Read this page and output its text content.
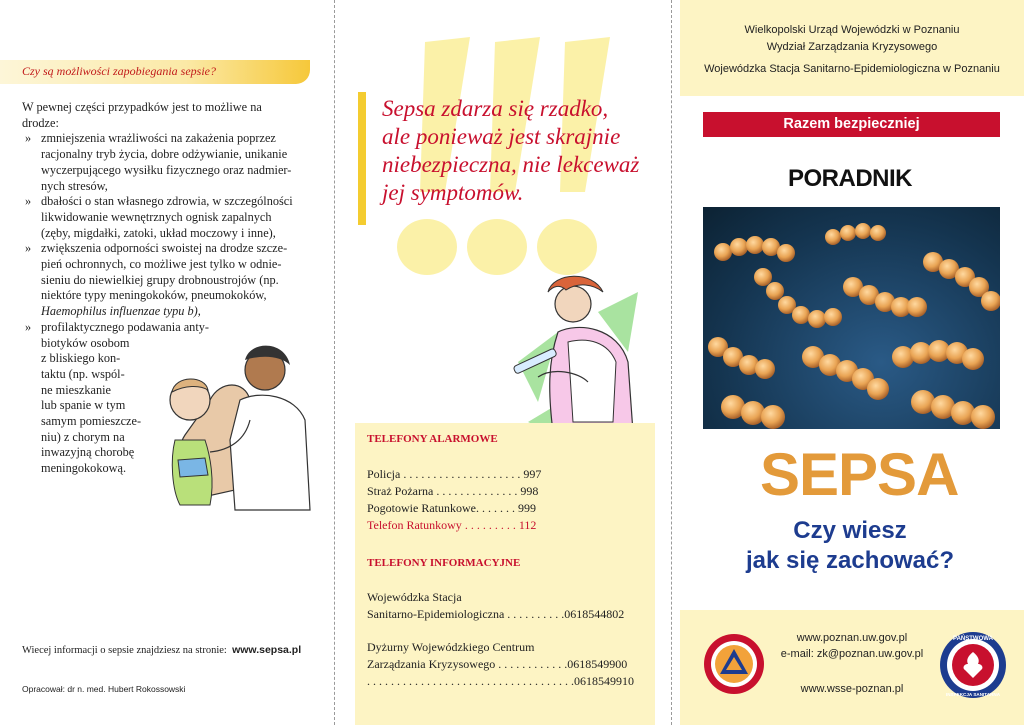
Czy są możliwości zapobiegania sepsie?
W pewnej części przypadków jest to możliwe na
drodze:
» zmniejszenia wrażliwości na zakażenia poprzez
racjonalny tryb życia, dobre odżywianie, unikanie
wyczerpującego wysiłku fizycznego oraz nadmier-
nych stresów,
» dbałości o stan własnego zdrowia, w szczególności
likwidowanie wewnętrznych ognisk zapalnych
(zęby, migdałki, zatoki, układ moczowy i inne),
» zwiększenia odporności swoistej na drodze szcze-
pień ochronnych, co możliwe jest tylko w odnie-
sieniu do niewielkiej grupy drobnoustrojów (np.
niektóre typy meningokoków, pneumokoków,
Haemophilus influenzae typu b),
» profilaktycznego podawania anty-
biotyków osobom
z bliskiego kon-
taktu (np. wspól-
ne mieszkanie
lub spanie w tym
samym pomieszcze-
niu) z chorym na
inwazyjną chorobę
meningokokową.
Wiecej informacji o sepsie znajdziesz na stronie: www.sepsa.pl
Opracował: dr n. med. Hubert Rokossowski
Sepsa zdarza się rzadko,
ale ponieważ jest skrajnie
niebezpieczna, nie lekceważ
jej symptomów.
TELEFONY ALARMOWE
Policja . . . . . . . . . . . . . . . . . . . . 997
Straż Pożarna . . . . . . . . . . . . . . 998
Pogotowie Ratunkowe. . . . . . . 999
Telefon Ratunkowy . . . . . . . . . 112
TELEFONY INFORMACYJNE
Wojewódzka Stacja
Sanitarno-Epidemiologiczna . . . . . . . . . .0618544802
Dyżurny Wojewódzkiego Centrum
Zarządzania Kryzysowego . . . . . . . . . . . .0618549900
. . . . . . . . . . . . . . . . . . . . . . . . . . . . . . . . . . .0618549910
Wielkopolski Urząd Wojewódzki w Poznaniu
Wydział Zarządzania Kryzysowego
Wojewódzka Stacja Sanitarno-Epidemiologiczna w Poznaniu
Razem bezpieczniej
PORADNIK
SEPSA
Czy wiesz
jak się zachować?
www.poznan.uw.gov.pl
e-mail: zk@poznan.uw.gov.pl
www.wsse-poznan.pl
PAŃSTWOWA
INSPEKCJA SANITARNA
